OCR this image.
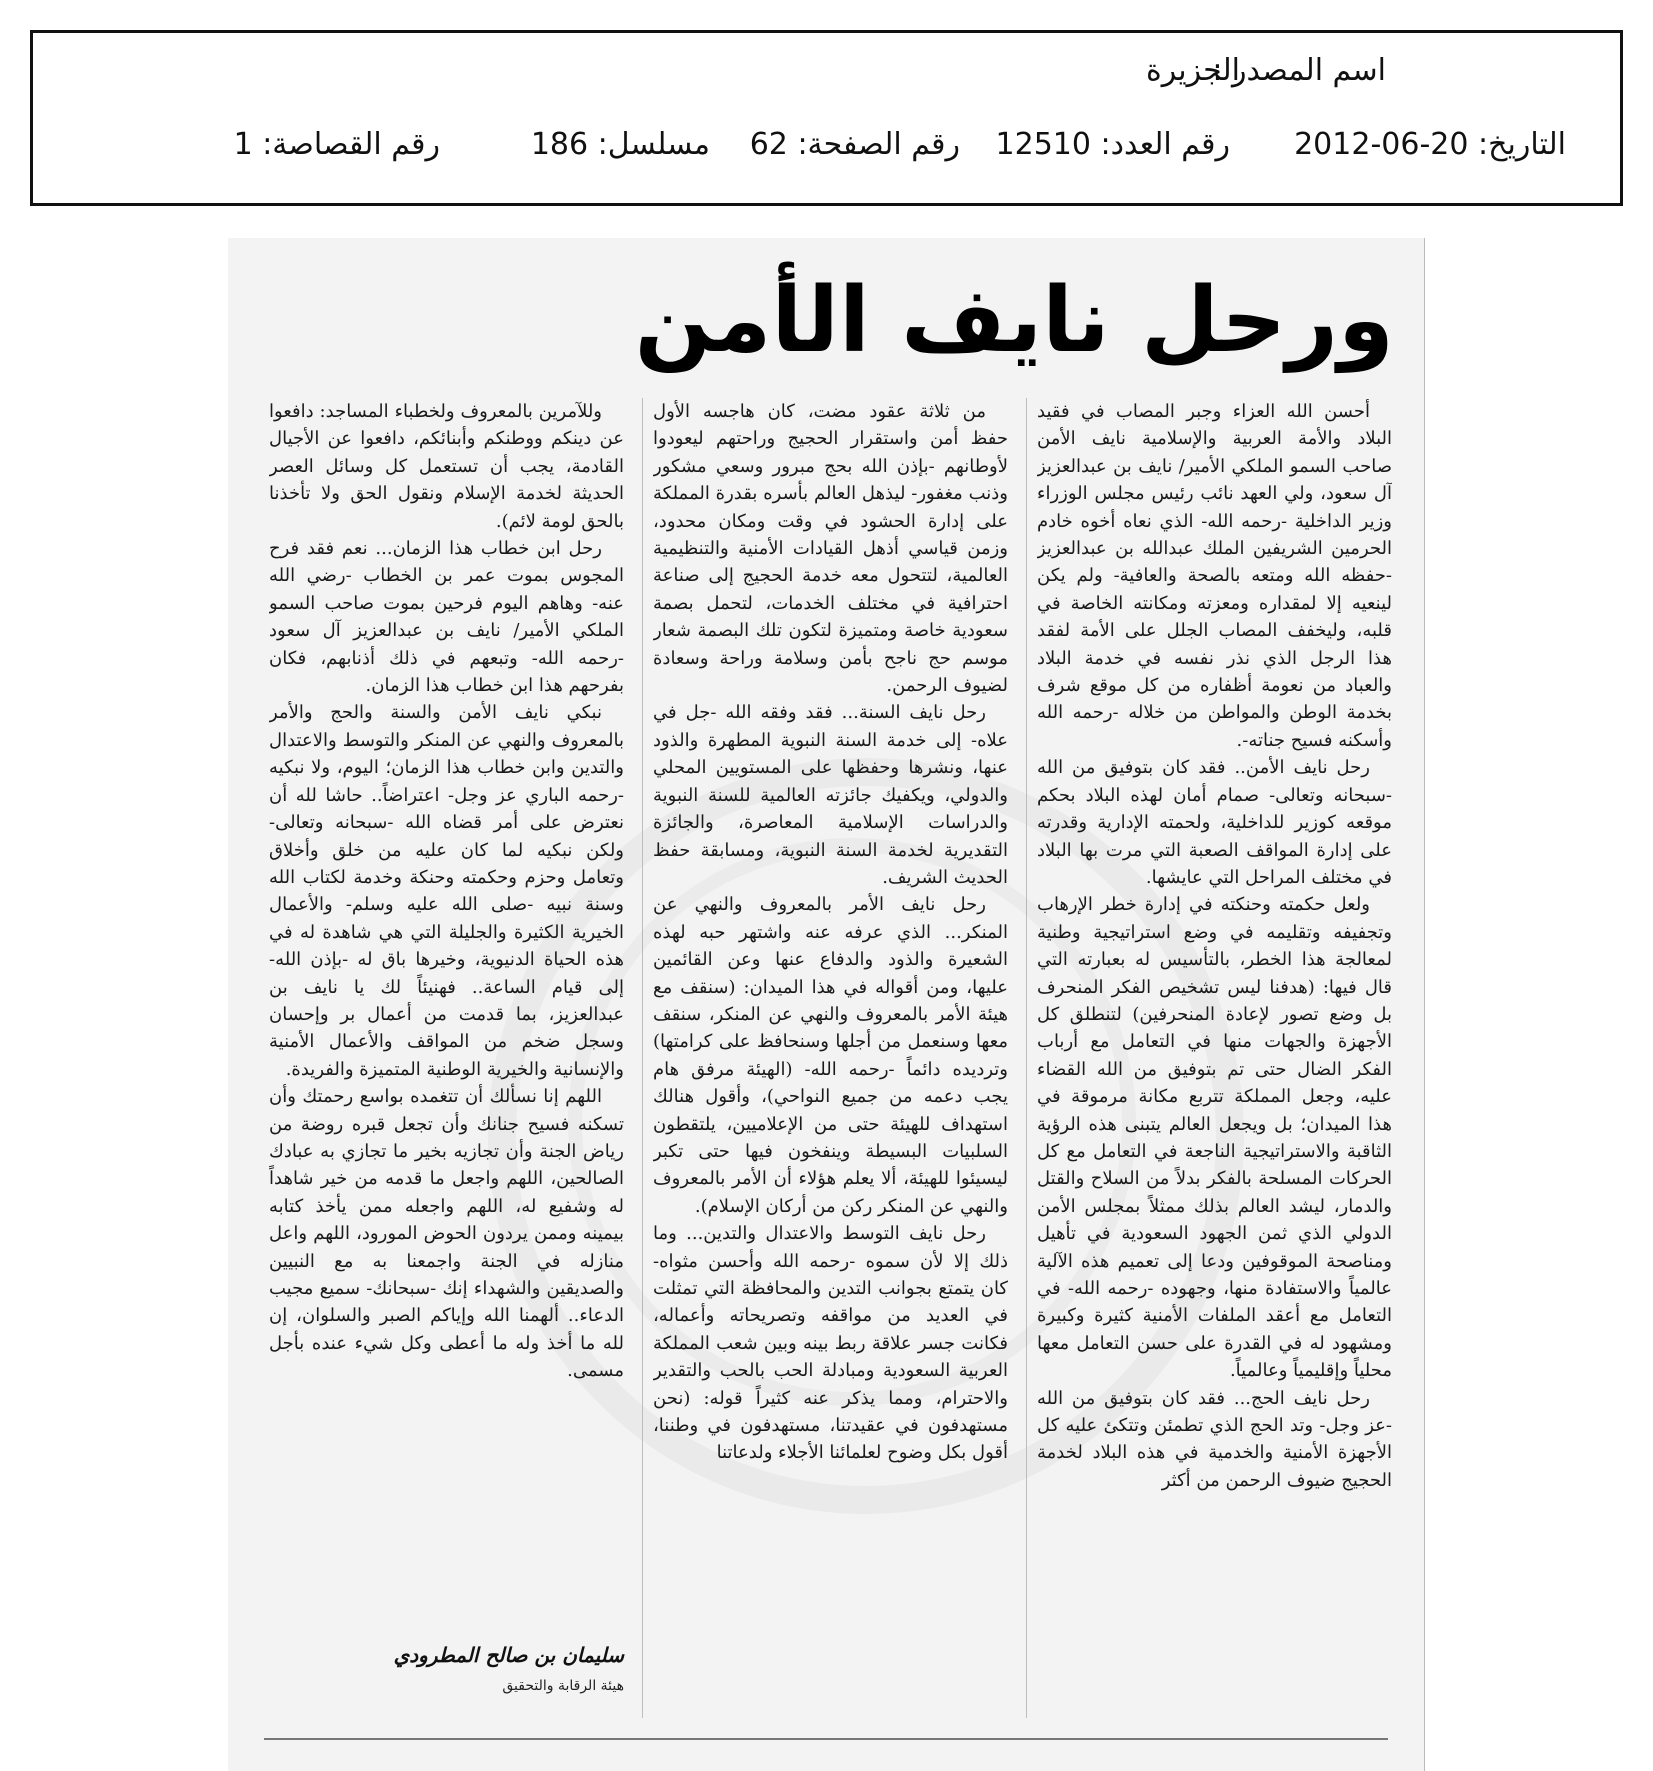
اسم المصدر :
الجزيرة
التاريخ: 20-06-2012
رقم العدد: 12510
رقم الصفحة: 62
مسلسل: 186
رقم القصاصة: 1
ورحل نايف الأمن

أحسن الله العزاء وجبر المصاب في فقيد البلاد والأمة العربية والإسلامية نايف الأمن صاحب السمو الملكي الأمير/ نايف بن عبدالعزيز آل سعود، ولي العهد نائب رئيس مجلس الوزراء وزير الداخلية -رحمه الله- الذي نعاه أخوه خادم الحرمين الشريفين الملك عبدالله بن عبدالعزيز -حفظه الله ومتعه بالصحة والعافية- ولم يكن لينعيه إلا لمقداره ومعزته ومكانته الخاصة في قلبه، وليخفف المصاب الجلل على الأمة لفقد هذا الرجل الذي نذر نفسه في خدمة البلاد والعباد من نعومة أظفاره من كل موقع شرف بخدمة الوطن والمواطن من خلاله -رحمه الله وأسكنه فسيح جناته-.

رحل نايف الأمن.. فقد كان بتوفيق من الله -سبحانه وتعالى- صمام أمان لهذه البلاد بحكم موقعه كوزير للداخلية، ولحمته الإدارية وقدرته على إدارة المواقف الصعبة التي مرت بها البلاد في مختلف المراحل التي عايشها.

ولعل حكمته وحنكته في إدارة خطر الإرهاب وتجفيفه وتقليمه في وضع استراتيجية وطنية لمعالجة هذا الخطر، بالتأسيس له بعبارته التي قال فيها: (هدفنا ليس تشخيص الفكر المنحرف بل وضع تصور لإعادة المنحرفين) لتنطلق كل الأجهزة والجهات منها في التعامل مع أرباب الفكر الضال حتى تم بتوفيق من الله القضاء عليه، وجعل المملكة تتربع مكانة مرموقة في هذا الميدان؛ بل ويجعل العالم يتبنى هذه الرؤية الثاقبة والاستراتيجية الناجعة في التعامل مع كل الحركات المسلحة بالفكر بدلاً من السلاح والقتل والدمار، ليشد العالم بذلك ممثلاً بمجلس الأمن الدولي الذي ثمن الجهود السعودية في تأهيل ومناصحة الموقوفين ودعا إلى تعميم هذه الآلية عالمياً والاستفادة منها، وجهوده -رحمه الله- في التعامل مع أعقد الملفات الأمنية كثيرة وكبيرة ومشهود له في القدرة على حسن التعامل معها محلياً وإقليمياً وعالمياً.

رحل نايف الحج... فقد كان بتوفيق من الله -عز وجل- وتد الحج الذي تطمئن وتتكئ عليه كل الأجهزة الأمنية والخدمية في هذه البلاد لخدمة الحجيج ضيوف الرحمن من أكثر

من ثلاثة عقود مضت، كان هاجسه الأول حفظ أمن واستقرار الحجيج وراحتهم ليعودوا لأوطانهم -بإذن الله بحج مبرور وسعي مشكور وذنب مغفور- ليذهل العالم بأسره بقدرة المملكة على إدارة الحشود في وقت ومكان محدود، وزمن قياسي أذهل القيادات الأمنية والتنظيمية العالمية، لتتحول معه خدمة الحجيج إلى صناعة احترافية في مختلف الخدمات، لتحمل بصمة سعودية خاصة ومتميزة لتكون تلك البصمة شعار موسم حج ناجح بأمن وسلامة وراحة وسعادة لضيوف الرحمن.

رحل نايف السنة... فقد وفقه الله -جل في علاه- إلى خدمة السنة النبوية المطهرة والذود عنها، ونشرها وحفظها على المستويين المحلي والدولي، ويكفيك جائزته العالمية للسنة النبوية والدراسات الإسلامية المعاصرة، والجائزة التقديرية لخدمة السنة النبوية، ومسابقة حفظ الحديث الشريف.

رحل نايف الأمر بالمعروف والنهي عن المنكر... الذي عرفه عنه واشتهر حبه لهذه الشعيرة والذود والدفاع عنها وعن القائمين عليها، ومن أقواله في هذا الميدان: (سنقف مع هيئة الأمر بالمعروف والنهي عن المنكر، سنقف معها وسنعمل من أجلها وسنحافظ على كرامتها) وترديده دائماً -رحمه الله- (الهيئة مرفق هام يجب دعمه من جميع النواحي)، وأقول هنالك استهداف للهيئة حتى من الإعلاميين، يلتقطون السلبيات البسيطة وينفخون فيها حتى تكبر ليسيئوا للهيئة، ألا يعلم هؤلاء أن الأمر بالمعروف والنهي عن المنكر ركن من أركان الإسلام).

رحل نايف التوسط والاعتدال والتدين... وما ذلك إلا لأن سموه -رحمه الله وأحسن مثواه- كان يتمتع بجوانب التدين والمحافظة التي تمثلت في العديد من مواقفه وتصريحاته وأعماله، فكانت جسر علاقة ربط بينه وبين شعب المملكة العربية السعودية ومبادلة الحب بالحب والتقدير والاحترام، ومما يذكر عنه كثيراً قوله: (نحن مستهدفون في عقيدتنا، مستهدفون في وطننا، أقول بكل وضوح لعلمائنا الأجلاء ولدعاتنا

وللآمرين بالمعروف ولخطباء المساجد: دافعوا عن دينكم ووطنكم وأبنائكم، دافعوا عن الأجيال القادمة، يجب أن تستعمل كل وسائل العصر الحديثة لخدمة الإسلام ونقول الحق ولا تأخذنا بالحق لومة لائم).

رحل ابن خطاب هذا الزمان... نعم فقد فرح المجوس بموت عمر بن الخطاب -رضي الله عنه- وهاهم اليوم فرحين بموت صاحب السمو الملكي الأمير/ نايف بن عبدالعزيز آل سعود -رحمه الله- وتبعهم في ذلك أذنابهم، فكان بفرحهم هذا ابن خطاب هذا الزمان.

نبكي نايف الأمن والسنة والحج والأمر بالمعروف والنهي عن المنكر والتوسط والاعتدال والتدين وابن خطاب هذا الزمان؛ اليوم، ولا نبكيه -رحمه الباري عز وجل- اعتراضاً.. حاشا لله أن نعترض على أمر قضاه الله -سبحانه وتعالى- ولكن نبكيه لما كان عليه من خلق وأخلاق وتعامل وحزم وحكمته وحنكة وخدمة لكتاب الله وسنة نبيه -صلى الله عليه وسلم- والأعمال الخيرية الكثيرة والجليلة التي هي شاهدة له في هذه الحياة الدنيوية، وخيرها باق له -بإذن الله- إلى قيام الساعة.. فهنيئاً لك يا نايف بن عبدالعزيز، بما قدمت من أعمال بر وإحسان وسجل ضخم من المواقف والأعمال الأمنية والإنسانية والخيرية الوطنية المتميزة والفريدة.

اللهم إنا نسألك أن تتغمده بواسع رحمتك وأن تسكنه فسيح جنانك وأن تجعل قبره روضة من رياض الجنة وأن تجازيه بخير ما تجازي به عبادك الصالحين، اللهم واجعل ما قدمه من خير شاهداً له وشفيع له، اللهم واجعله ممن يأخذ كتابه بيمينه وممن يردون الحوض المورود، اللهم واعل منازله في الجنة واجمعنا به مع النبيين والصديقين والشهداء إنك -سبحانك- سميع مجيب الدعاء.. ألهمنا الله وإياكم الصبر والسلوان، إن لله ما أخذ وله ما أعطى وكل شيء عنده بأجل مسمى.

سليمان بن صالح المطرودي
هيئة الرقابة والتحقيق
